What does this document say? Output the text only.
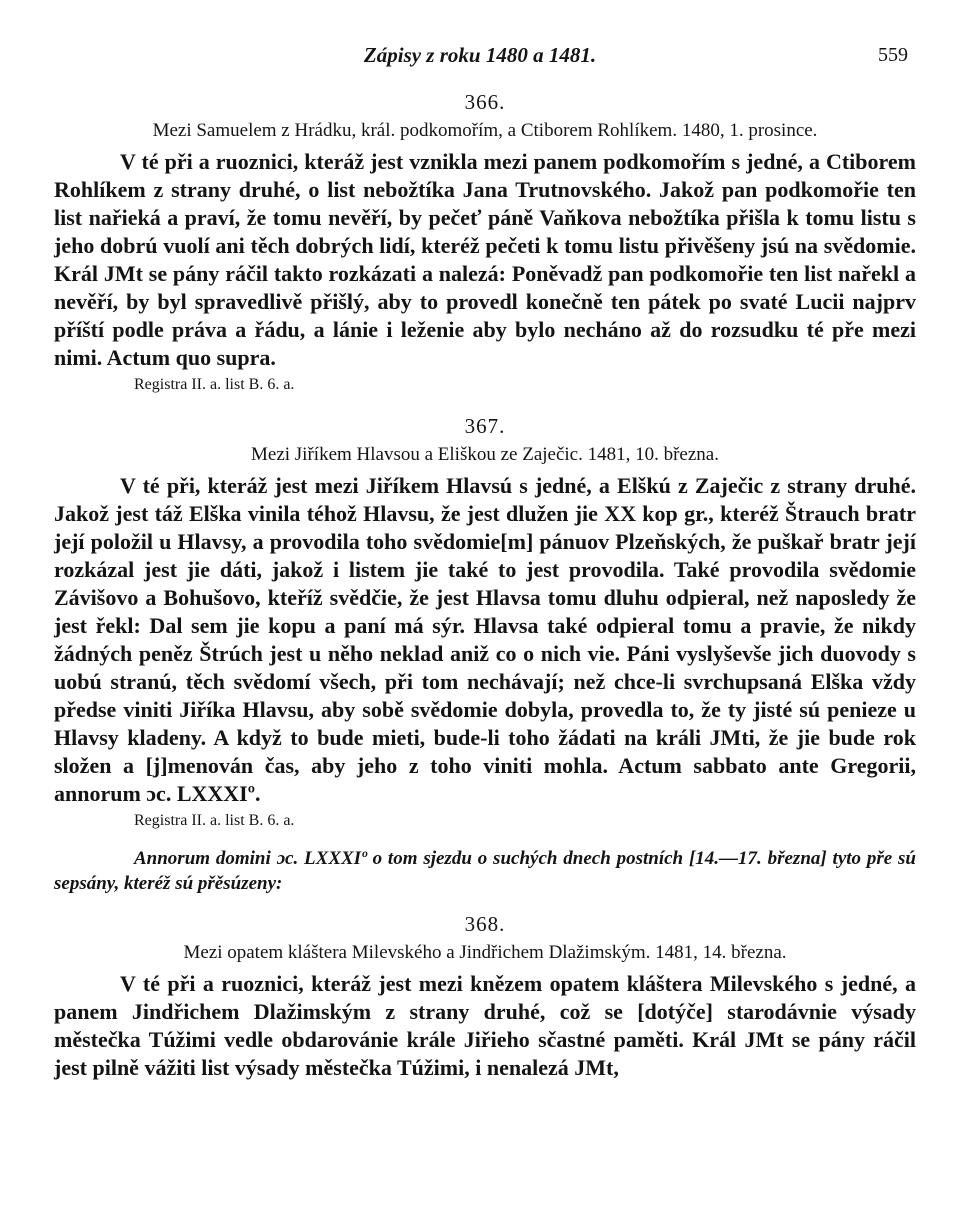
Zápisy z roku 1480 a 1481.	559

366.

Mezi Samuelem z Hrádku, král. podkomořím, a Ctiborem Rohlíkem. 1480, 1. prosince.

V té při a ruoznici, kteráž jest vznikla mezi panem podkomořím s jedné, a Ctiborem Rohlíkem z strany druhé, o list nebožtíka Jana Trutnovského. Jakož pan podkomořie ten list nařieká a praví, že tomu nevěří, by pečeť páně Vaňkova nebožtíka přišla k tomu listu s jeho dobrú vuolí ani těch dobrých lidí, kteréž pečeti k tomu listu přivěšeny jsú na svědomie. Král JMt se pány ráčil takto rozkázati a nalezá: Poněvadž pan podkomořie ten list nařekl a nevěří, by byl spravedlivě přišlý, aby to provedl konečně ten pátek po svaté Lucii najprv příští podle práva a řádu, a lánie i leženie aby bylo necháno až do rozsudku té pře mezi nimi. Actum quo supra.

Registra II. a. list B. 6. a.

367.

Mezi Jiříkem Hlavsou a Eliškou ze Zaječic. 1481, 10. března.

V té při, kteráž jest mezi Jiříkem Hlavsú s jedné, a Elškú z Zaječic z strany druhé. Jakož jest táž Elška vinila téhož Hlavsu, že jest dlužen jie XX kop gr., kteréž Štrauch bratr její položil u Hlavsy, a provodila toho svědomie[m] pánuov Plzeňských, že puškař bratr její rozkázal jest jie dáti, jakož i listem jie také to jest provodila. Také provodila svědomie Závišovo a Bohušovo, kteříž svědčie, že jest Hlavsa tomu dluhu odpieral, než naposledy že jest řekl: Dal sem jie kopu a paní má sýr. Hlavsa také odpieral tomu a pravie, že nikdy žádných peněz Štrúch jest u něho neklad aniž co o nich vie. Páni vyslyševše jich duovody s uobú stranú, těch svědomí všech, při tom nechávají; než chce-li svrchupsaná Elška vždy předse viniti Jiříka Hlavsu, aby sobě svědomie dobyla, provedla to, že ty jisté sú penieze u Hlavsy kladeny. A když to bude mieti, bude-li toho žádati na králi JMti, že jie bude rok složen a [j]menován čas, aby jeho z toho viniti mohla. Actum sabbato ante Gregorii, annorum ɔc. LXXXIº.

Registra II. a. list B. 6. a.

Annorum domini ɔc. LXXXIº o tom sjezdu o suchých dnech postních [14.—17. března] tyto pře sú sepsány, kteréž sú přěsúzeny:

368.

Mezi opatem kláštera Milevského a Jindřichem Dlažimským. 1481, 14. března.

V té při a ruoznici, kteráž jest mezi knězem opatem kláštera Milevského s jedné, a panem Jindřichem Dlažimským z strany druhé, což se [dotýče] starodávnie výsady městečka Túžimi vedle obdarovánie krále Jiřieho sčastné paměti. Král JMt se pány ráčil jest pilně vážiti list výsady městečka Túžimi, i nenalezá JMt,
